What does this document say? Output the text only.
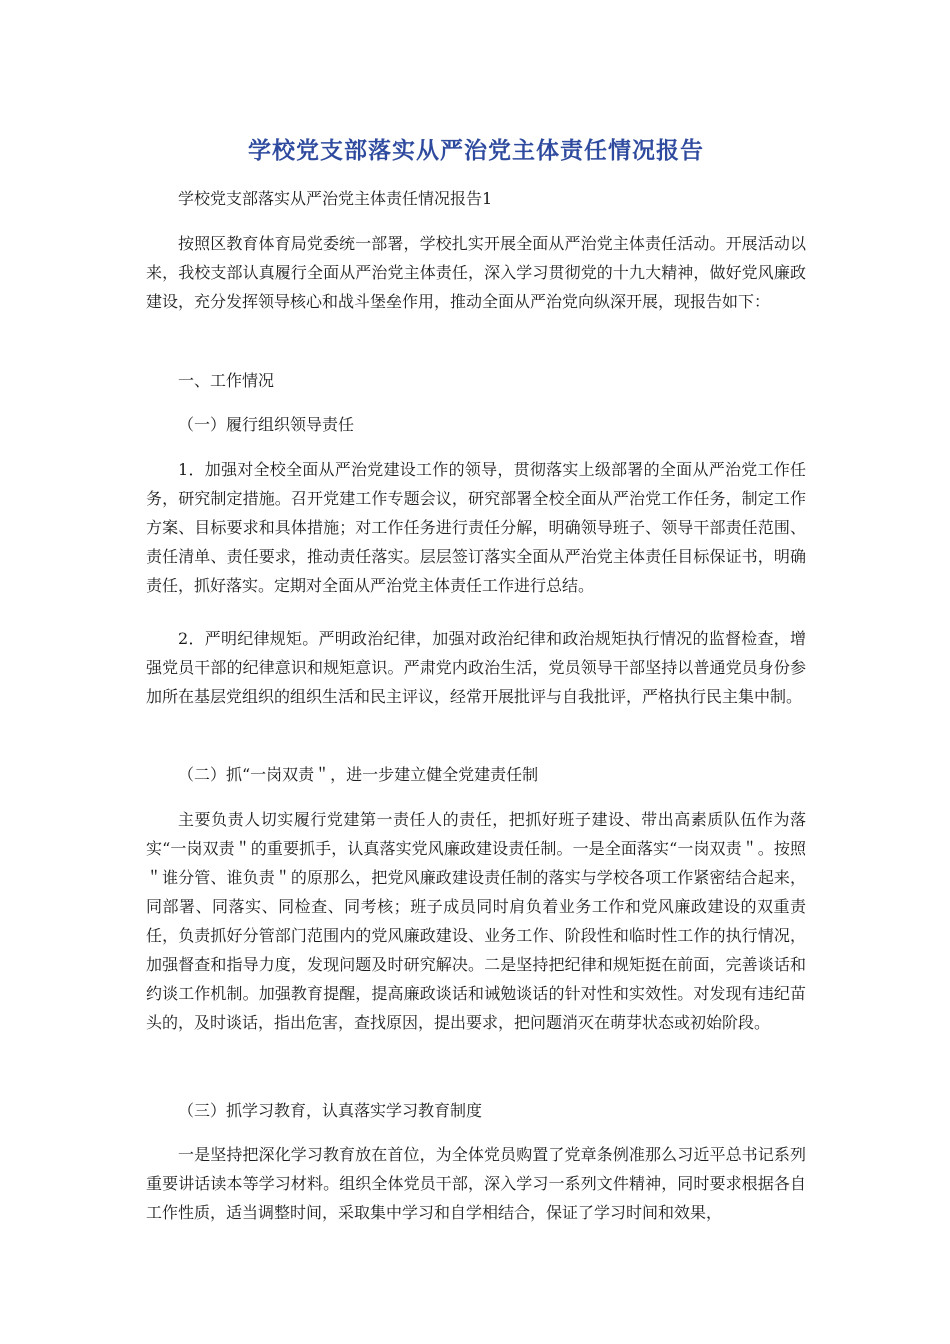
学校党支部落实从严治党主体责任情况报告

学校党支部落实从严治党主体责任情况报告1

按照区教育体育局党委统一部署，学校扎实开展全面从严治党主体责任活动。开展活动以来，我校支部认真履行全面从严治党主体责任，深入学习贯彻党的十九大精神，做好党风廉政建设，充分发挥领导核心和战斗堡垒作用，推动全面从严治党向纵深开展，现报告如下：

一、工作情况

（一）履行组织领导责任

1．加强对全校全面从严治党建设工作的领导，贯彻落实上级部署的全面从严治党工作任务，研究制定措施。召开党建工作专题会议，研究部署全校全面从严治党工作任务，制定工作方案、目标要求和具体措施；对工作任务进行责任分解，明确领导班子、领导干部责任范围、责任清单、责任要求，推动责任落实。层层签订落实全面从严治党主体责任目标保证书，明确责任，抓好落实。定期对全面从严治党主体责任工作进行总结。

2．严明纪律规矩。严明政治纪律，加强对政治纪律和政治规矩执行情况的监督检查，增强党员干部的纪律意识和规矩意识。严肃党内政治生活，党员领导干部坚持以普通党员身份参加所在基层党组织的组织生活和民主评议，经常开展批评与自我批评，严格执行民主集中制。

（二）抓“一岗双责＂，进一步建立健全党建责任制

主要负责人切实履行党建第一责任人的责任，把抓好班子建设、带出高素质队伍作为落实“一岗双责＂的重要抓手，认真落实党风廉政建设责任制。一是全面落实“一岗双责＂。按照＂谁分管、谁负责＂的原那么，把党风廉政建设责任制的落实与学校各项工作紧密结合起来，同部署、同落实、同检查、同考核；班子成员同时肩负着业务工作和党风廉政建设的双重责任，负责抓好分管部门范围内的党风廉政建设、业务工作、阶段性和临时性工作的执行情况，加强督查和指导力度，发现问题及时研究解决。二是坚持把纪律和规矩挺在前面，完善谈话和约谈工作机制。加强教育提醒，提高廉政谈话和诫勉谈话的针对性和实效性。对发现有违纪苗头的，及时谈话，指出危害，查找原因，提出要求，把问题消灭在萌芽状态或初始阶段。

（三）抓学习教育，认真落实学习教育制度

一是坚持把深化学习教育放在首位，为全体党员购置了党章条例准那么习近平总书记系列重要讲话读本等学习材料。组织全体党员干部，深入学习一系列文件精神，同时要求根据各自工作性质，适当调整时间，采取集中学习和自学相结合，保证了学习时间和效果，
